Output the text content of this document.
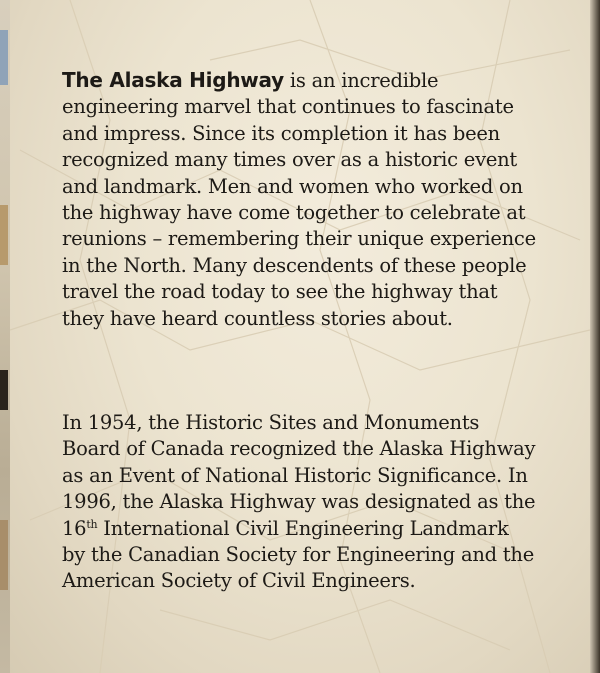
The Alaska Highway is an incredible
engineering marvel that continues to fascinate
and impress. Since its completion it has been
recognized many times over as a historic event
and landmark. Men and women who worked on
the highway have come together to celebrate at
reunions – remembering their unique experience
in the North. Many descendents of these people
travel the road today to see the highway that
they have heard countless stories about.
In 1954, the Historic Sites and Monuments
Board of Canada recognized the Alaska Highway
as an Event of National Historic Significance. In
1996, the Alaska Highway was designated as the
16th International Civil Engineering Landmark
by the Canadian Society for Engineering and the
American Society of Civil Engineers.
